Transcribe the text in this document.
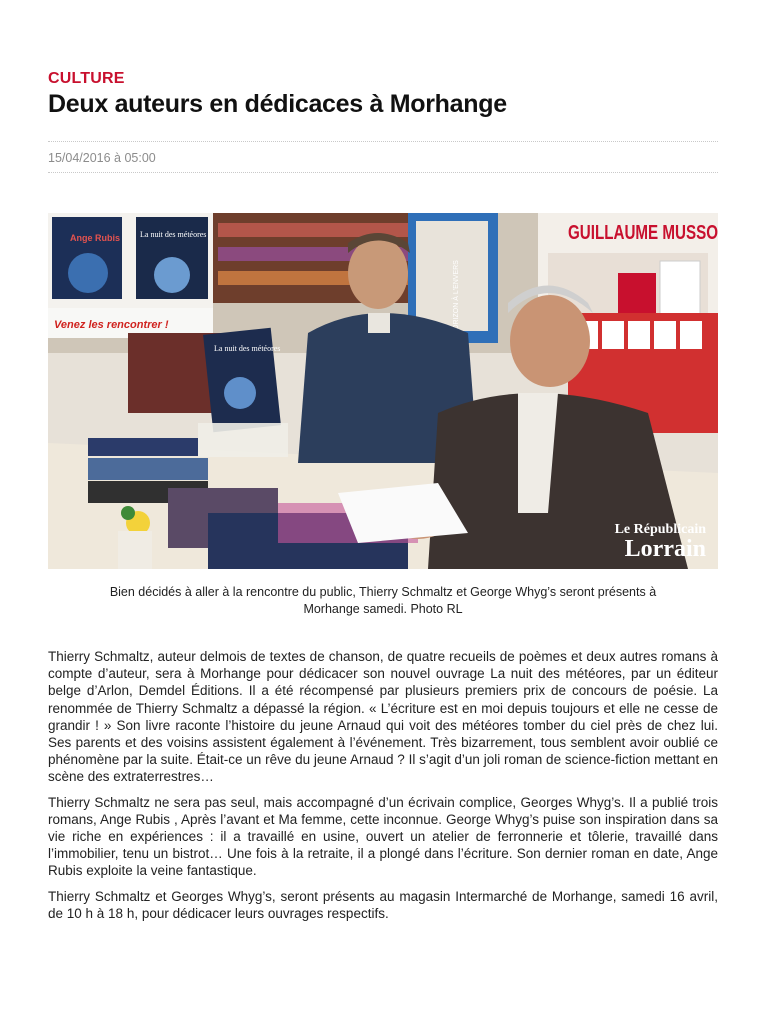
CULTURE
Deux auteurs en dédicaces à Morhange
15/04/2016 à 05:00
Ange Rubis La nuit des météores
Venez les rencontrer !	HORIZON À L'ENVERS
GUILLAUME MUSSO
La nuit des météores
Le Républicain
Lorrain

Bien décidés à aller à la rencontre du public, Thierry Schmaltz et George Whyg’s seront présents à Morhange samedi. Photo RL

Thierry Schmaltz, auteur delmois de textes de chanson, de quatre recueils de poèmes et deux autres romans à compte d’auteur, sera à Morhange pour dédicacer son nouvel ouvrage La nuit des météores, par un éditeur belge d’Arlon, Demdel Éditions. Il a été récompensé par plusieurs premiers prix de concours de poésie. La renommée de Thierry Schmaltz a dépassé la région. « L’écriture est en moi depuis toujours et elle ne cesse de grandir ! » Son livre raconte l’histoire du jeune Arnaud qui voit des météores tomber du ciel près de chez lui. Ses parents et des voisins assistent également à l’événement. Très bizarrement, tous semblent avoir oublié ce phénomène par la suite. Était-ce un rêve du jeune Arnaud ? Il s’agit d’un joli roman de science-fiction mettant en scène des extraterrestres…

Thierry Schmaltz ne sera pas seul, mais accompagné d’un écrivain complice, Georges Whyg’s. Il a publié trois romans, Ange Rubis , Après l’avant et Ma femme, cette inconnue. George Whyg’s puise son inspiration dans sa vie riche en expériences : il a travaillé en usine, ouvert un atelier de ferronnerie et tôlerie, travaillé dans l’immobilier, tenu un bistrot… Une fois à la retraite, il a plongé dans l’écriture. Son dernier roman en date, Ange Rubis exploite la veine fantastique.

Thierry Schmaltz et Georges Whyg’s, seront présents au magasin Intermarché de Morhange, samedi 16 avril, de 10 h à 18 h, pour dédicacer leurs ouvrages respectifs.
